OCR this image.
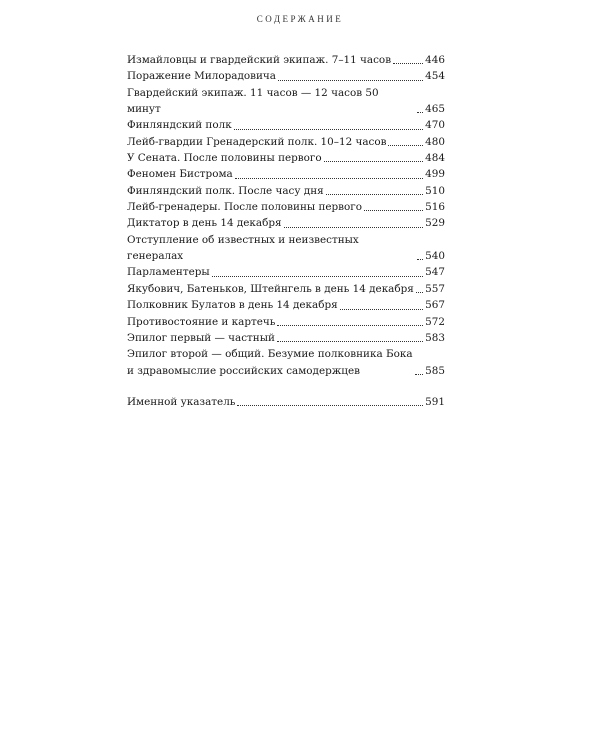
СОДЕРЖАНИЕ
Измайловцы и гвардейский экипаж. 7–11 часов	446
Поражение Милорадовича	454
Гвардейский экипаж. 11 часов — 12 часов 50 минут	465
Финляндский полк	470
Лейб-гвардии Гренадерский полк. 10–12 часов	480
У Сената. После половины первого	484
Феномен Бистрома	499
Финляндский полк. После часу дня	510
Лейб-гренадеры. После половины первого	516
Диктатор в день 14 декабря	529
Отступление об известных и неизвестных генералах	540
Парламентеры	547
Якубович, Батеньков, Штейнгель в день 14 декабря 557
Полковник Булатов в день 14 декабря	567
Противостояние и картечь	572
Эпилог первый — частный	583
Эпилог второй — общий. Безумие полковника Бока
и здравомыслие российских самодержцев	585
Именной указатель	591
